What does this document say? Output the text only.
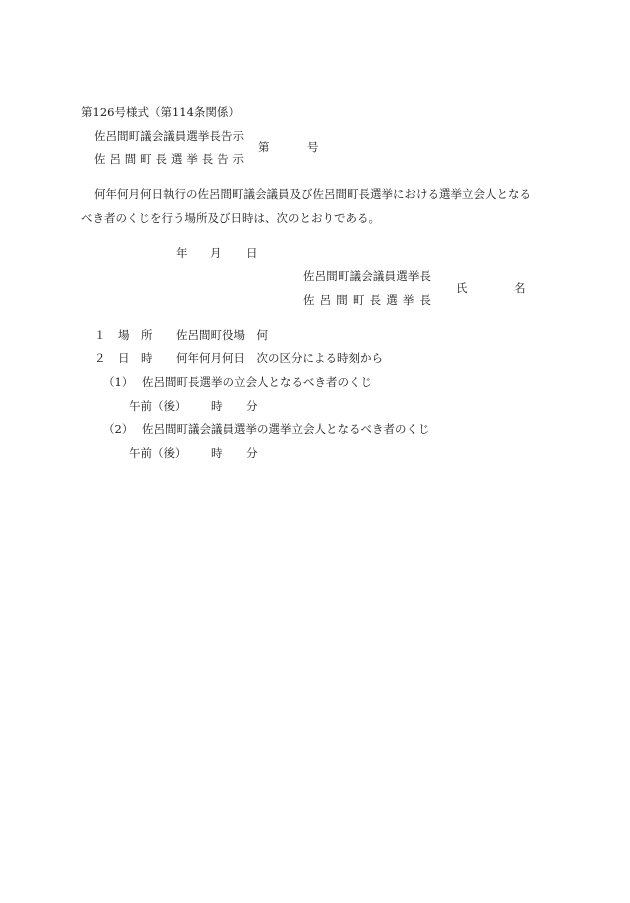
第126号様式（第114条関係）
佐呂間町議会議員選挙長告示
佐呂間町長選挙長告示
第	号
何年何月何日執行の佐呂間町議会議員及び佐呂間町長選挙における選挙立会人となる
べき者のくじを行う場所及び日時は、次のとおりである。
年 月 日
佐呂間町議会議員選挙長
佐呂間町長選挙長
氏	名
１ 場　所 佐呂間町役場　何
２ 日　時 何年何月何日　次の区分による時刻から
（1） 佐呂間町長選挙の立会人となるべき者のくじ
午前（後） 時 分
（2） 佐呂間町議会議員選挙の選挙立会人となるべき者のくじ
午前（後） 時 分
